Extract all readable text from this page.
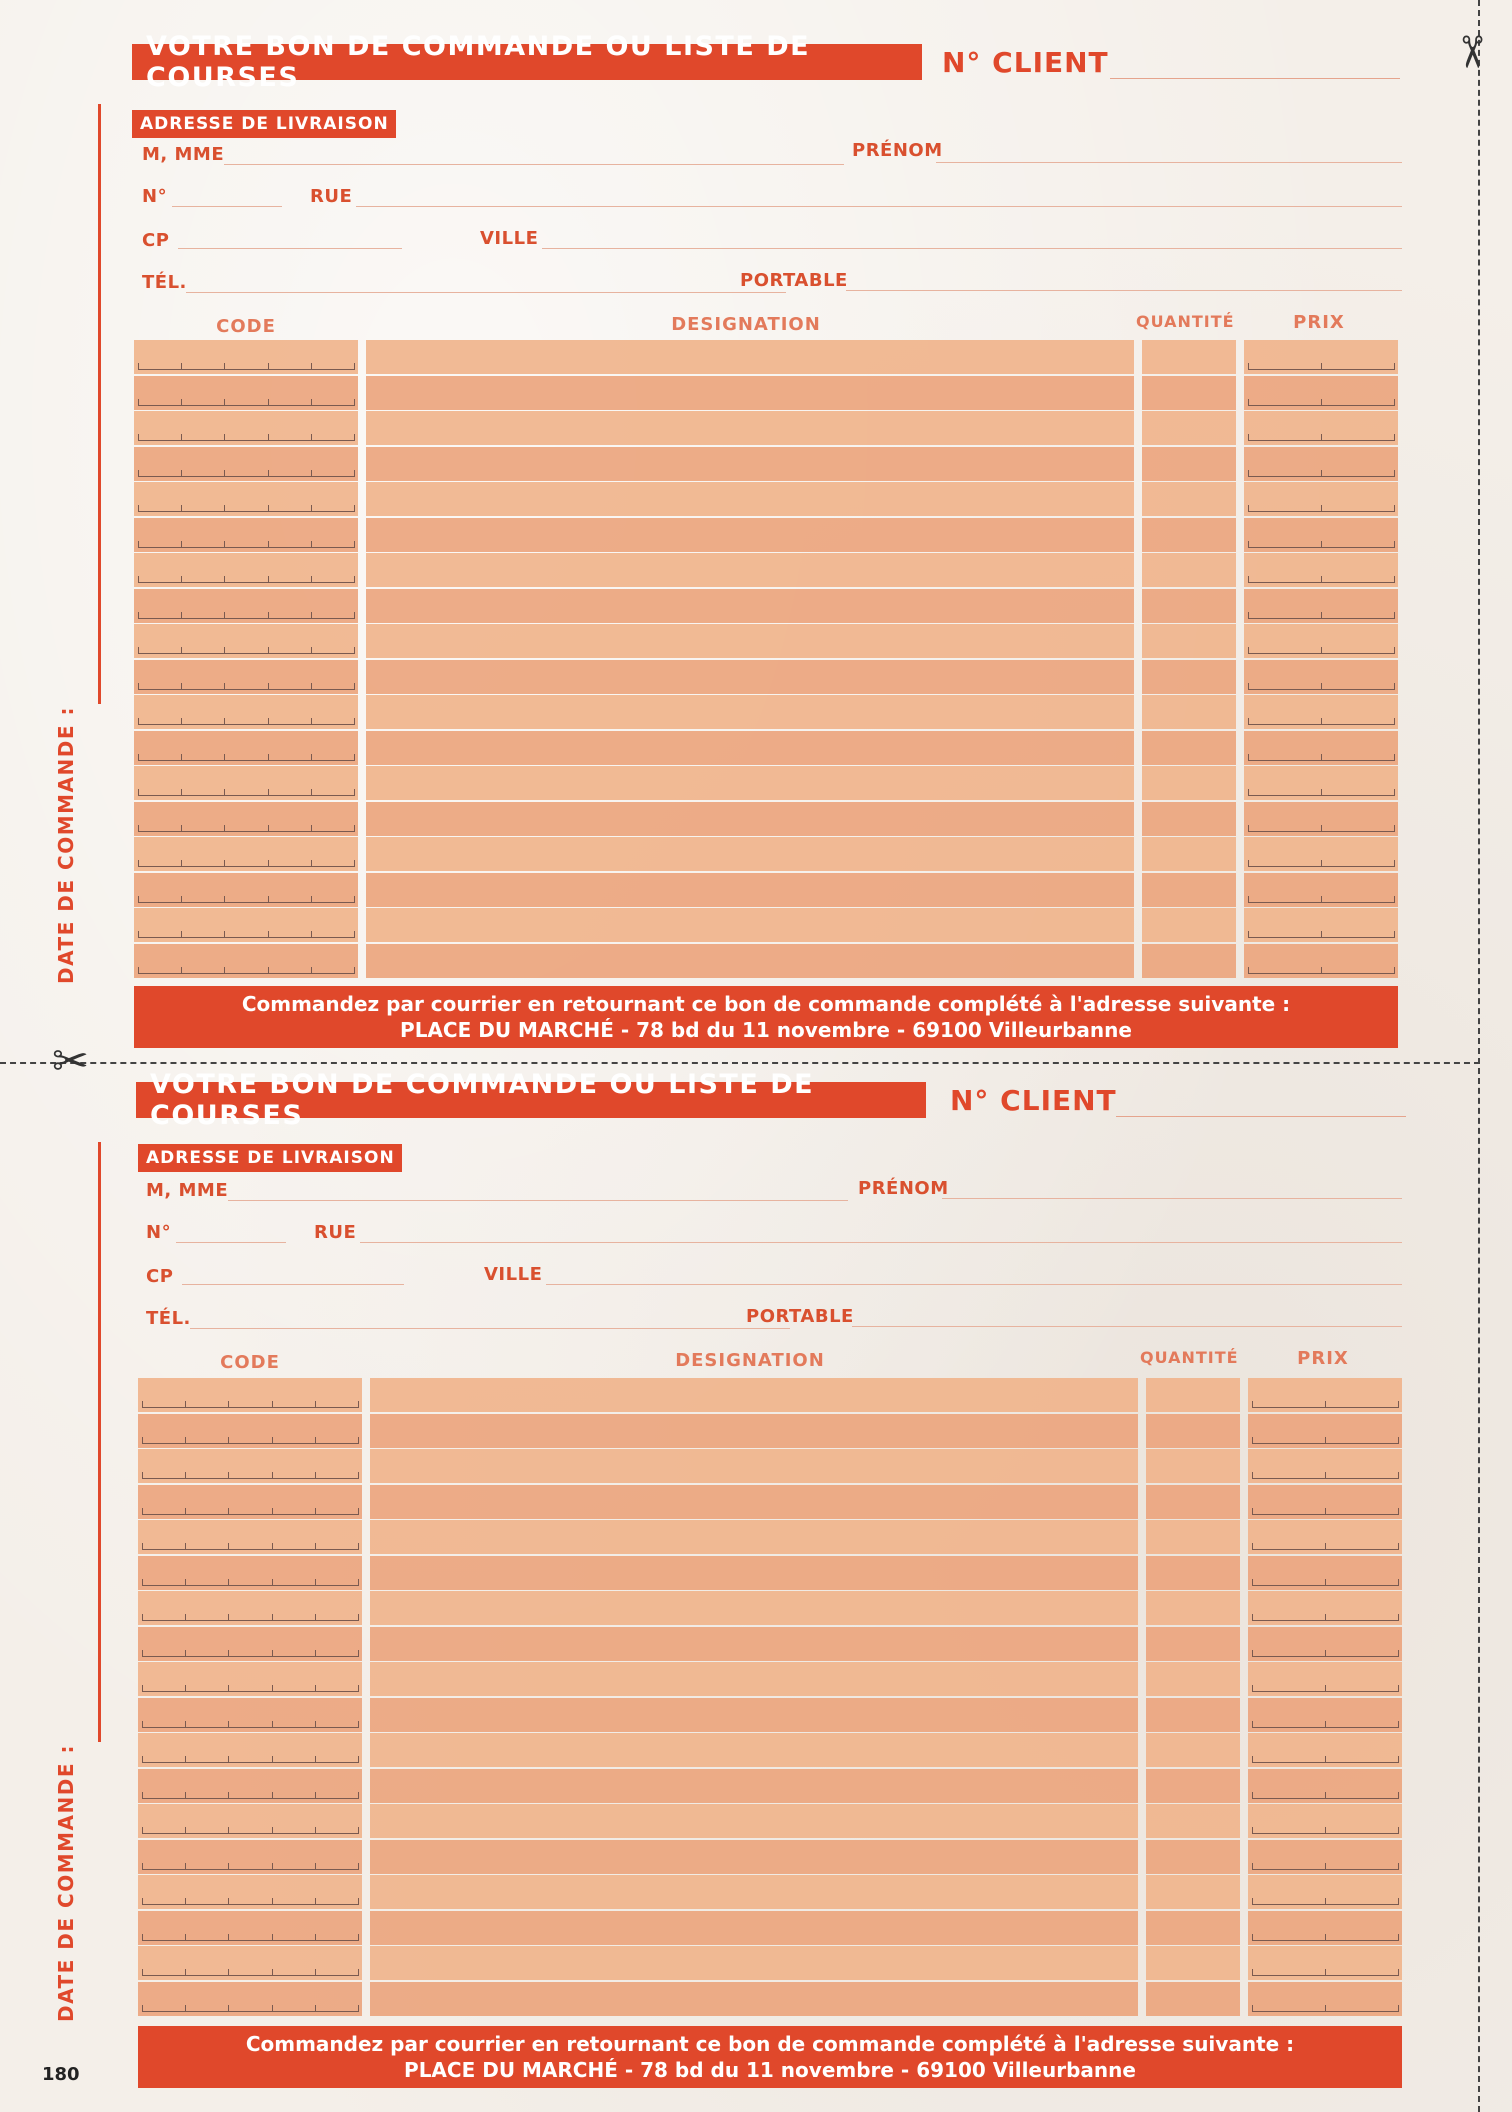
✂
✂
VOTRE BON DE COMMANDE OU LISTE DE COURSES	N° CLIENT
DATE DE COMMANDE :
ADRESSE DE LIVRAISON
M, MME	PRÉNOM
N°	RUE
CP	VILLE
TÉL.	PORTABLE
CODE	DESIGNATION	QUANTITÉ	PRIX
Commandez par courrier en retournant ce bon de commande complété à l'adresse suivante :
PLACE DU MARCHÉ - 78 bd du 11 novembre - 69100 Villeurbanne
VOTRE BON DE COMMANDE OU LISTE DE COURSES	N° CLIENT
DATE DE COMMANDE :
ADRESSE DE LIVRAISON
M, MME	PRÉNOM
N°	RUE
CP	VILLE
TÉL.	PORTABLE
CODE	DESIGNATION	QUANTITÉ	PRIX
Commandez par courrier en retournant ce bon de commande complété à l'adresse suivante :
PLACE DU MARCHÉ - 78 bd du 11 novembre - 69100 Villeurbanne
180
